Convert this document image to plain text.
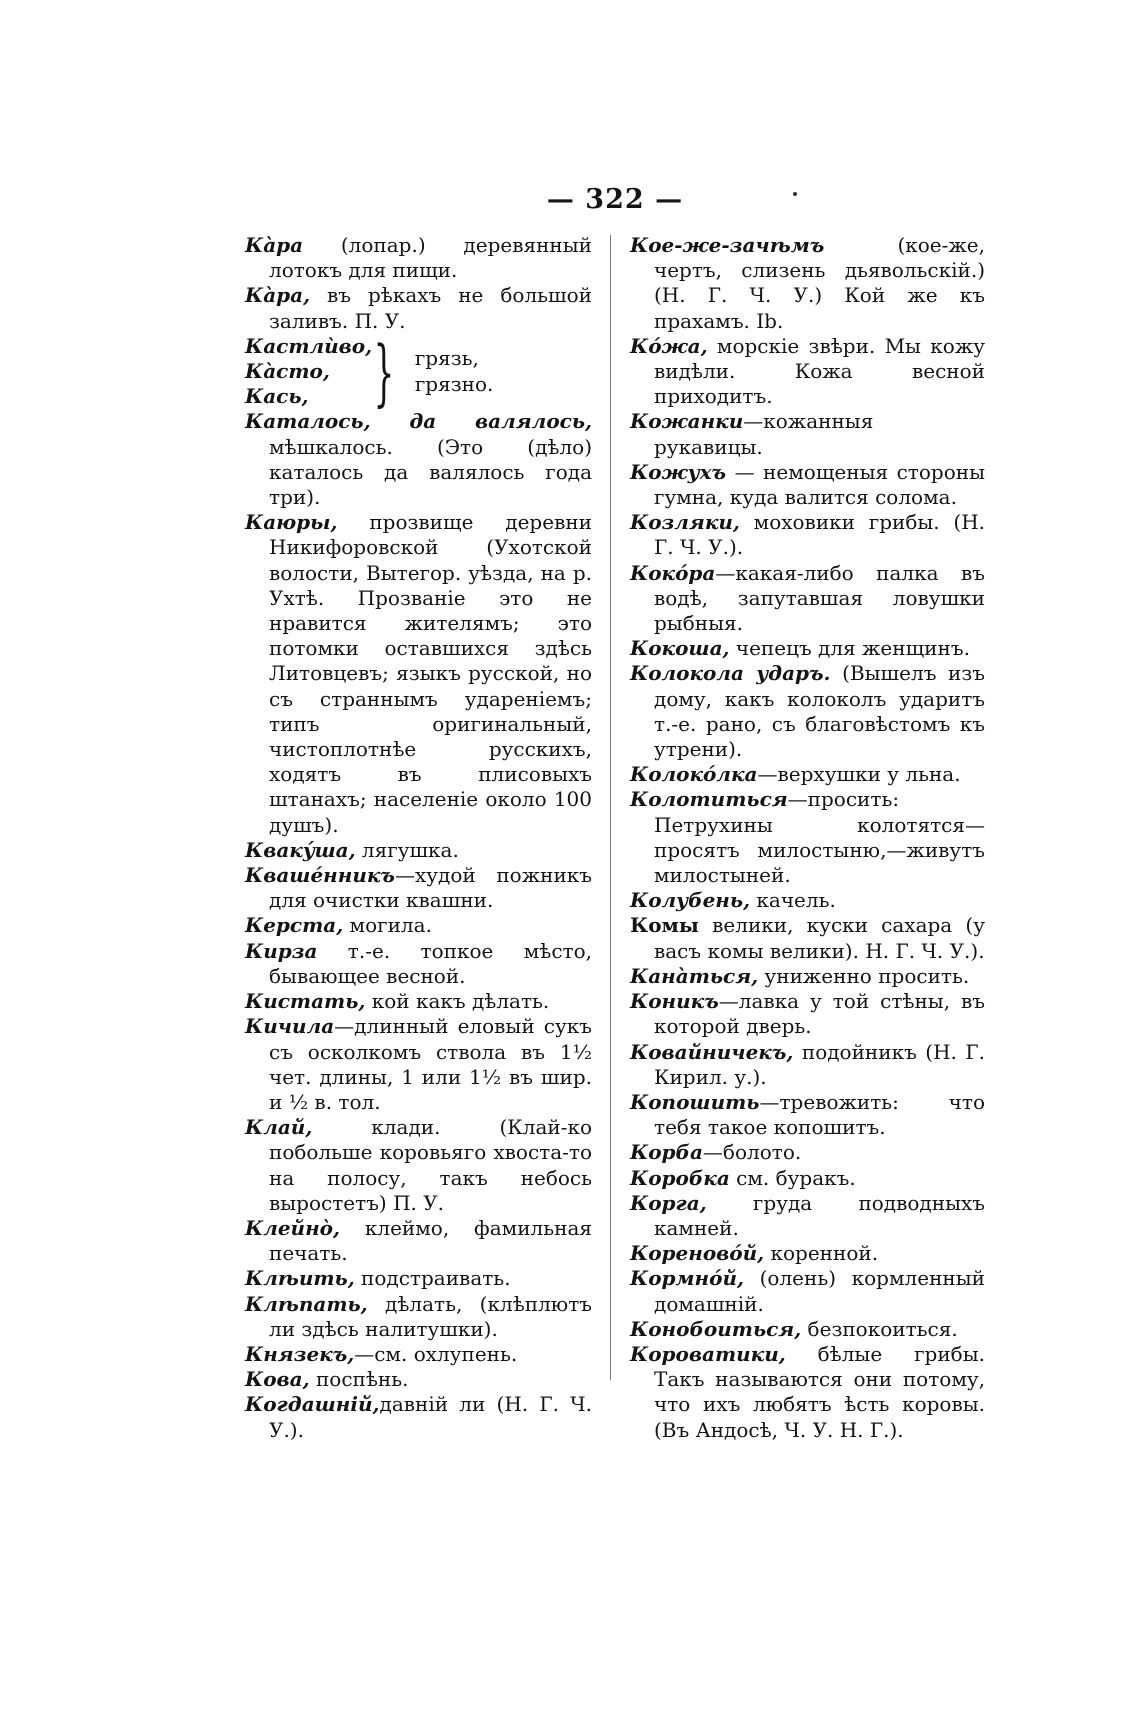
— 322 —
Кàра (лопар.) деревянный лотокъ для пищи.
Кàра, въ рѣкахъ не большой заливъ. П. У.
Кастлùво,
Кàсто,
Кась, } грязь,
грязно.
Каталось, да валялось, мѣшкалось. (Это (дѣло) каталось да валялось года три).
Каюры, прозвище деревни Никифоровской (Ухотской волости, Вытегор. уѣзда, на р. Ухтѣ. Прозваніе это не нравится жителямъ; это потомки оставшихся здѣсь Литовцевъ; языкъ русской, но съ страннымъ удареніемъ; типъ оригинальный, чистоплотнѣе русскихъ, ходятъ въ плисовыхъ штанахъ; населеніе около 100 душъ).
Квакýша, лягушка.
Квашéнникъ—худой пожникъ для очистки квашни.
Керста, могила.
Кирза т.-е. топкое мѣсто, бывающее весной.
Кистать, кой какъ дѣлать.
Кичила—длинный еловый сукъ съ осколкомъ ствола въ 1½ чет. длины, 1 или 1½ въ шир. и ½ в. тол.
Клай, клади. (Клай-ко побольше коровьяго хвоста-то на полосу, такъ небось выростетъ) П. У.
Клейнò, клеймо, фамильная печать.
Клѣить, подстраивать.
Клѣпать, дѣлать, (клѣплютъ ли здѣсь налитушки).
Князекъ,—см. охлупень.
Кова, поспѣнь.
Когдашній,давній ли (Н. Г. Ч. У.).
Кое-же-зачѣмъ (кое-же, чертъ, слизень дьявольскій.) (Н. Г. Ч. У.) Кой же къ прахамъ. Ib.
Кóжа, морскіе звѣри. Мы кожу видѣли. Кожа весной приходитъ.
Кожанки—кожанныя рукавицы.
Кожухъ — немощеныя стороны гумна, куда валится солома.
Козляки, моховики грибы. (Н. Г. Ч. У.).
Кокóра—какая-либо палка въ водѣ, запутавшая ловушки рыбныя.
Кокоша, чепецъ для женщинъ.
Колокола ударъ. (Вышелъ изъ дому, какъ колоколъ ударитъ т.-е. рано, съ благовѣстомъ къ утрени).
Колокóлка—верхушки у льна.
Колотиться—просить: Петрухины колотятся—просятъ милостыню,—живутъ милостыней.
Колубень, качель.
Комы велики, куски сахара (у васъ комы велики). Н. Г. Ч. У.).
Канàться, униженно просить.
Коникъ—лавка у той стѣны, въ которой дверь.
Ковайничекъ, подойникъ (Н. Г. Кирил. у.).
Копошить—тревожить: что тебя такое копошитъ.
Корба—болото.
Коробка см. буракъ.
Корга, груда подводныхъ камней.
Кореновóй, коренной.
Кормнóй, (олень) кормленный домашній.
Конобоиться, безпокоиться.
Короватики, бѣлые грибы. Такъ называются они потому, что ихъ любятъ ѣсть коровы. (Въ Андосѣ, Ч. У. Н. Г.).
